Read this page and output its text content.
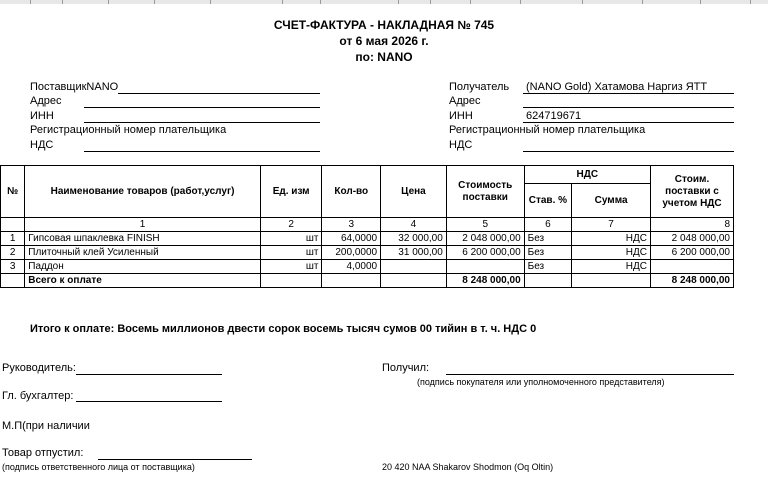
СЧЕТ-ФАКТУРА - НАКЛАДНАЯ № 745
от 6 мая 2026 г.
по: NANO
ПоставщикNANO
Адрес
ИНН
Регистрационный номер плательщика
НДС
Получатель (NANO Gold) Хатамова Наргиз ЯТТ
Адрес
ИНН	624719671
Регистрационный номер плательщика
НДС
№	Наименование товаров (работ,услуг)	Ед. изм	Кол-во	Цена	Стоимость поставки	НДС		Стоим. поставки с учетом НДС
						Став. %	Сумма	
	1	2	3	4	5	6	7	8
1	Гипсовая шпаклевка FINISH	шт	64,0000	32 000,00	2 048 000,00	Без	НДС	2 048 000,00
2	Плиточный клей Усиленный	шт	200,0000	31 000,00	6 200 000,00	Без	НДС	6 200 000,00
3	Паддон	шт	4,0000			Без	НДС	
	Всего к оплате				8 248 000,00			8 248 000,00
Итого к оплате: Восемь миллионов двести сорок восемь тысяч сумов 00 тийин в т. ч. НДС 0
Руководитель:
Гл. бухгалтер:
М.П(при наличии
Товар отпустил:
(подпись ответственного лица от поставщика)
Получил:
(подпись покупателя или уполномоченного представителя)
20 420 NAA Shakarov Shodmon (Oq Oltin)
